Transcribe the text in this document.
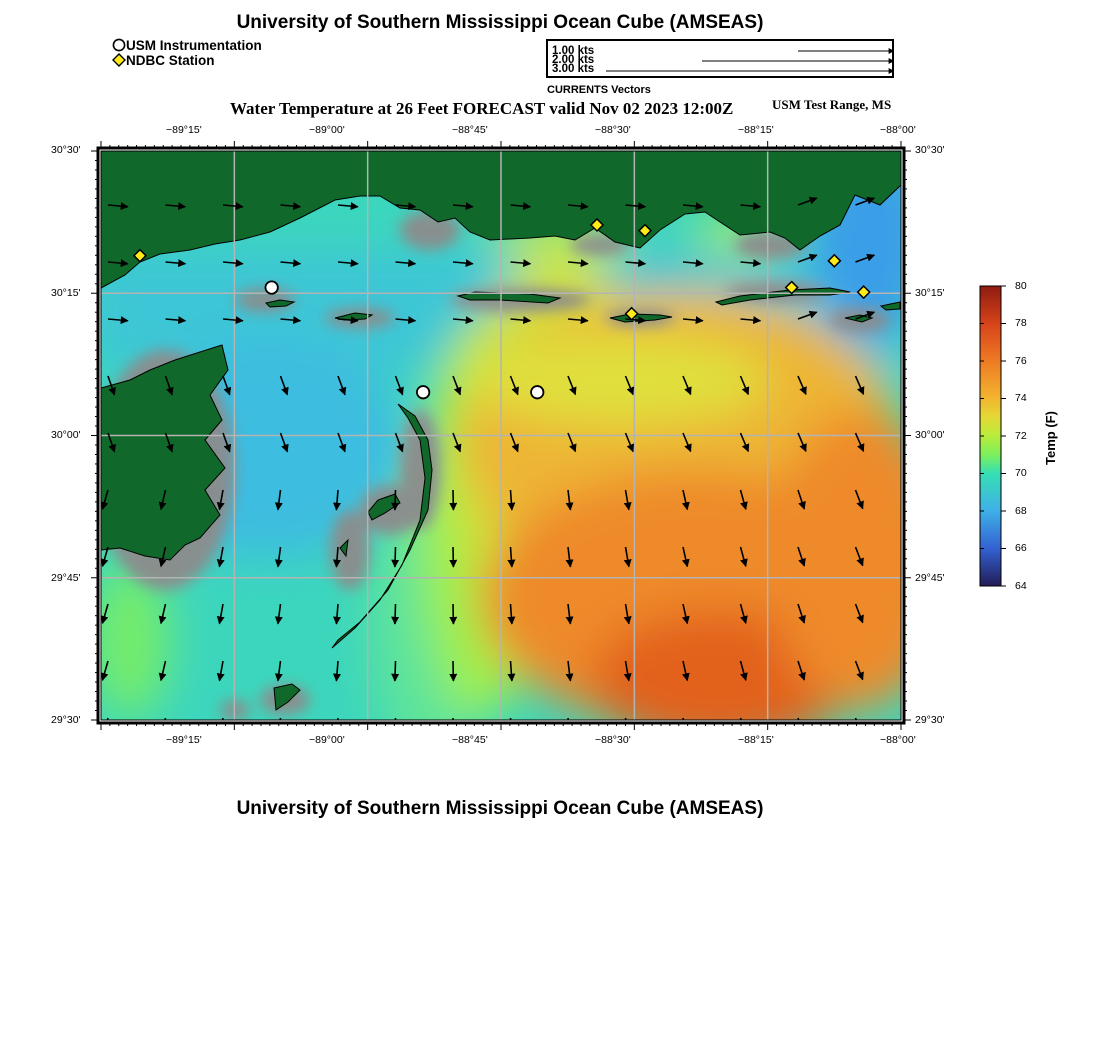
University of Southern Mississippi Ocean Cube (AMSEAS)
USM Instrumentation
NDBC Station
1.00 kts
2.00 kts
3.00 kts
CURRENTS Vectors
Water Temperature at 26 Feet FORECAST valid Nov 02 2023 12:00Z	USM Test Range, MS
−89°15'	−89°00'	−88°45'	−88°30'	−88°15'	−88°00'
−89°15'	−89°00'	−88°45'	−88°30'	−88°15'	−88°00'
30°30'
30°15'
30°00'
29°45'
29°30'
30°30'
30°15'
30°00'
29°45'
29°30'
80
78
76
74
72
70
68
66
64
Temp (F)
University of Southern Mississippi Ocean Cube (AMSEAS)
